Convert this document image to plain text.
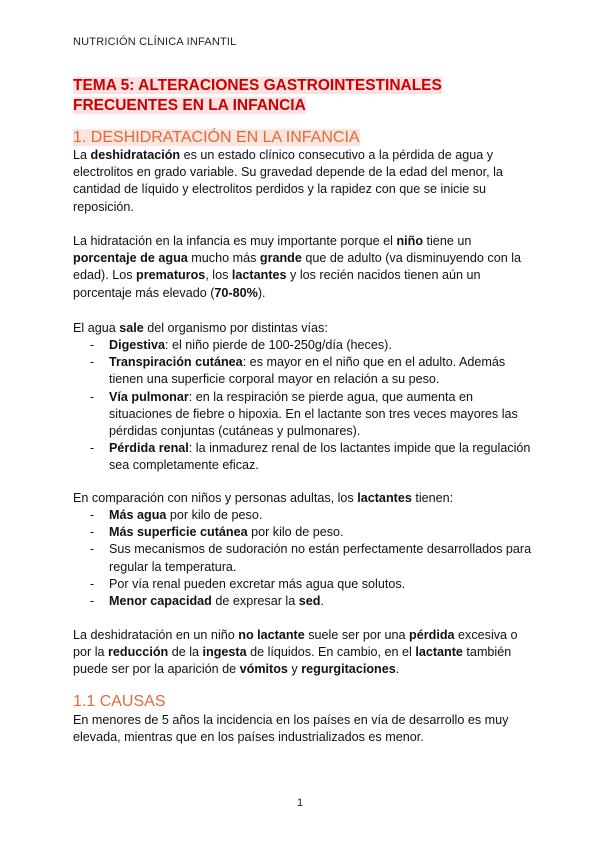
NUTRICIÓN CLÍNICA INFANTIL
TEMA 5: ALTERACIONES GASTROINTESTINALES
FRECUENTES EN LA INFANCIA
1. DESHIDRATACIÓN EN LA INFANCIA

La deshidratación es un estado clínico consecutivo a la pérdida de agua y electrolitos en grado variable. Su gravedad depende de la edad del menor, la cantidad de líquido y electrolitos perdidos y la rapidez con que se inicie su reposición.

La hidratación en la infancia es muy importante porque el niño tiene un porcentaje de agua mucho más grande que de adulto (va disminuyendo con la edad). Los prematuros, los lactantes y los recién nacidos tienen aún un porcentaje más elevado (70-80%).

El agua sale del organismo por distintas vías:

- Digestiva: el niño pierde de 100-250g/día (heces).
- Transpiración cutánea: es mayor en el niño que en el adulto. Además tienen una superficie corporal mayor en relación a su peso.
- Vía pulmonar: en la respiración se pierde agua, que aumenta en situaciones de fiebre o hipoxia. En el lactante son tres veces mayores las pérdidas conjuntas (cutáneas y pulmonares).
- Pérdida renal: la inmadurez renal de los lactantes impide que la regulación sea completamente eficaz.

En comparación con niños y personas adultas, los lactantes tienen:

- Más agua por kilo de peso.
- Más superficie cutánea por kilo de peso.
- Sus mecanismos de sudoración no están perfectamente desarrollados para regular la temperatura.
- Por vía renal pueden excretar más agua que solutos.
- Menor capacidad de expresar la sed.

La deshidratación en un niño no lactante suele ser por una pérdida excesiva o por la reducción de la ingesta de líquidos. En cambio, en el lactante también puede ser por la aparición de vómitos y regurgitaciones.

1.1 CAUSAS

En menores de 5 años la incidencia en los países en vía de desarrollo es muy elevada, mientras que en los países industrializados es menor.

1
